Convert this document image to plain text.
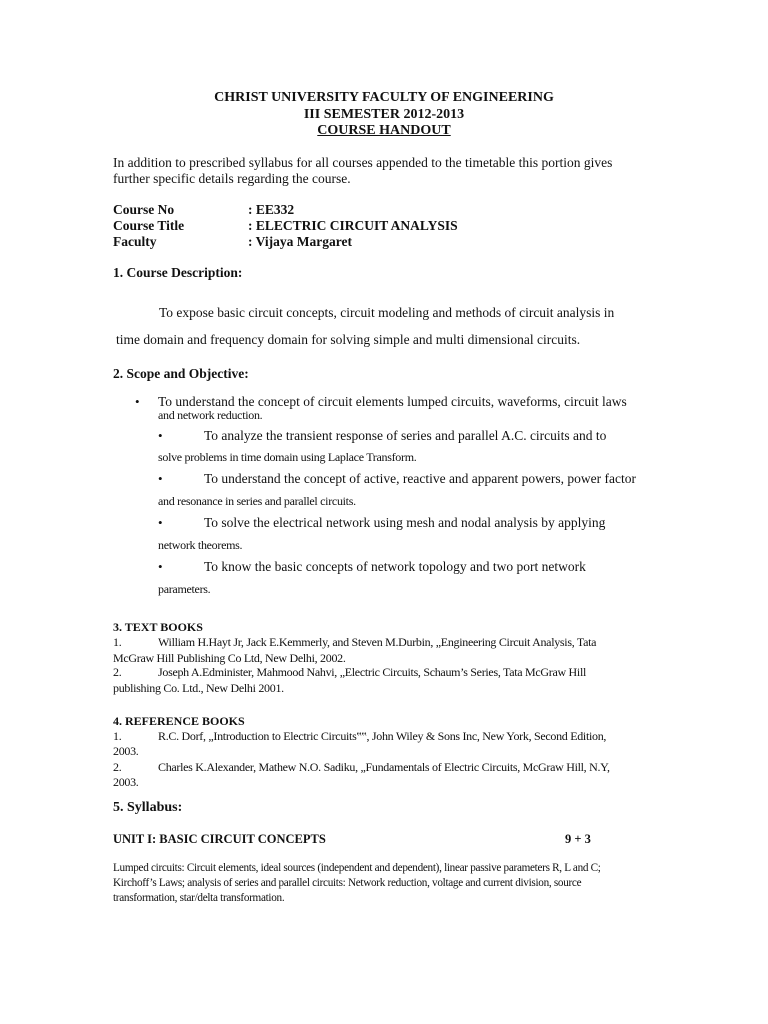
CHRIST UNIVERSITY FACULTY OF ENGINEERING
III SEMESTER 2012-2013
COURSE HANDOUT
In addition to prescribed syllabus for all courses appended to the timetable this portion gives
further specific details regarding the course.
Course No	: EE332
Course Title	: ELECTRIC CIRCUIT ANALYSIS
Faculty	: Vijaya Margaret
1. Course Description:
To expose basic circuit concepts, circuit modeling and methods of circuit analysis in
time domain and frequency domain for solving simple and multi dimensional circuits.
2. Scope and Objective:
• To understand the concept of circuit elements lumped circuits, waveforms, circuit laws
and network reduction.
•	To analyze the transient response of series and parallel A.C. circuits and to
solve problems in time domain using Laplace Transform.
•	To understand the concept of active, reactive and apparent powers, power factor
and resonance in series and parallel circuits.
•	To solve the electrical network using mesh and nodal analysis by applying
network theorems.
•	To know the basic concepts of network topology and two port network
parameters.
3. TEXT BOOKS
1.	William H.Hayt Jr, Jack E.Kemmerly, and Steven M.Durbin, „Engineering Circuit Analysis, Tata
McGraw Hill Publishing Co Ltd, New Delhi, 2002.
2.	Joseph A.Edminister, Mahmood Nahvi, „Electric Circuits, Schaum’s Series, Tata McGraw Hill
publishing Co. Ltd., New Delhi 2001.
4. REFERENCE BOOKS
1.	R.C. Dorf, „Introduction to Electric Circuits‟‟, John Wiley & Sons Inc, New York, Second Edition,
2003.
2.	Charles K.Alexander, Mathew N.O. Sadiku, „Fundamentals of Electric Circuits, McGraw Hill, N.Y,
2003.
5. Syllabus:
UNIT I: BASIC CIRCUIT CONCEPTS	9 + 3
Lumped circuits: Circuit elements, ideal sources (independent and dependent), linear passive parameters R, L and C;
Kirchoff’s Laws; analysis of series and parallel circuits: Network reduction, voltage and current division, source
transformation, star/delta transformation.
